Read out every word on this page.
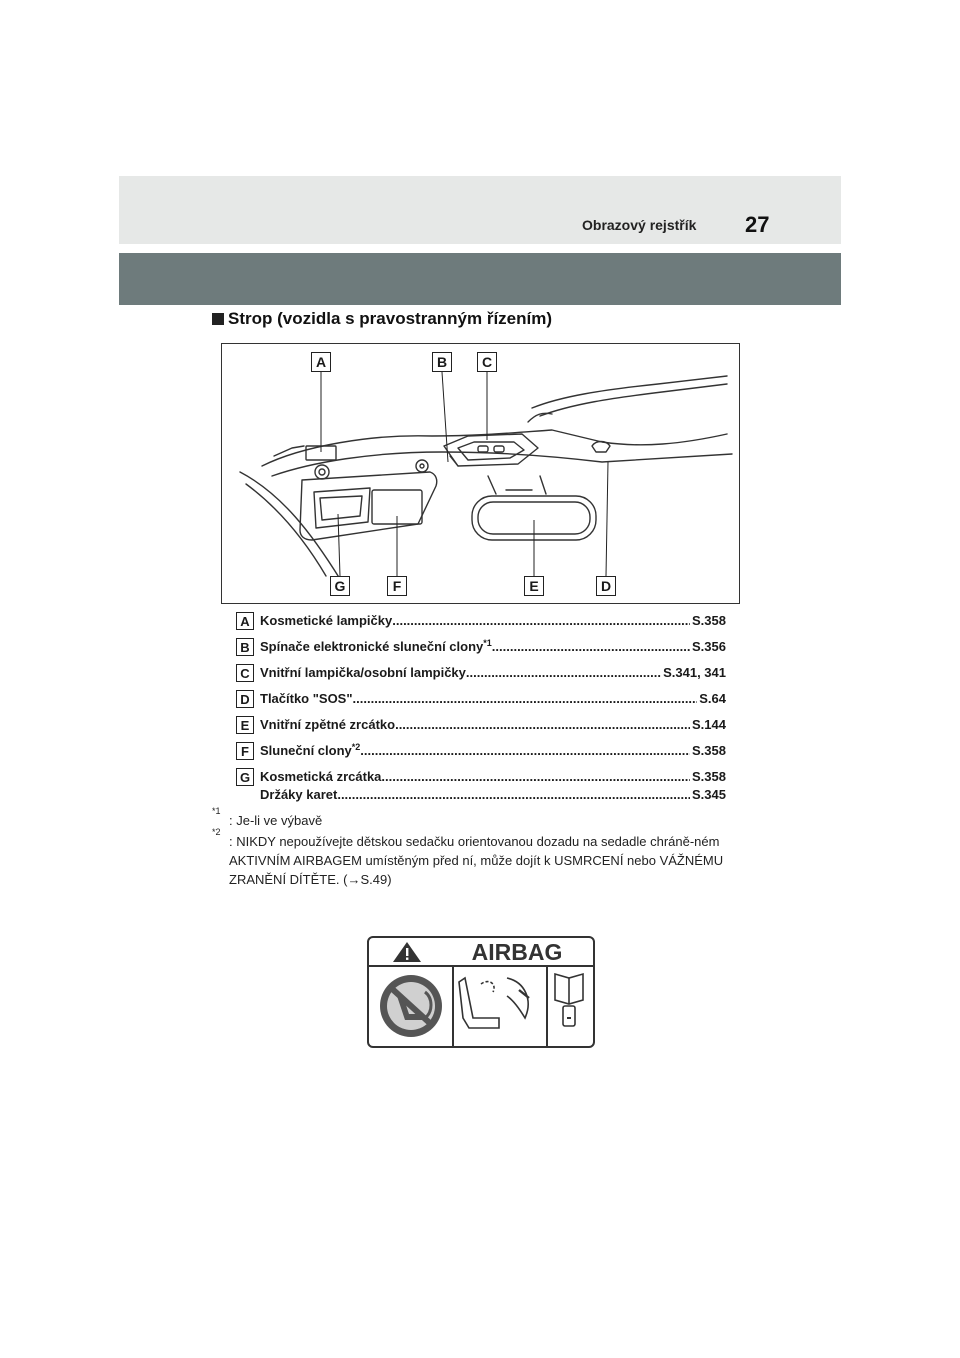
Obrazový rejstřík 27
Strop (vozidla s pravostranným řízením)
A	B	C
D
E
F
G
A Kosmetické lampičky .....	S.358
B Spínače elektronické sluneční clony$^{*1}$ .....	S.356
C Vnitřní lampička/osobní lampičky .....	S.341, 341
D Tlačítko "SOS" .....	S.64
E Vnitřní zpětné zrcátko .....	S.144
F Sluneční clony$^{*2}$ .....	S.358
G Kosmetická zrcátka .....	S.358
Držáky karet .....	S.345
*1
: Je-li ve výbavě
*2
: NIKDY nepoužívejte dětskou sedačku orientovanou dozadu na sedadle chráně-ném AKTIVNÍM AIRBAGEM umístěným před ní, může dojít k USMRCENÍ nebo VÁŽNÉMU ZRANĚNÍ DÍTĚTE. (→S.49)
AIRBAG
